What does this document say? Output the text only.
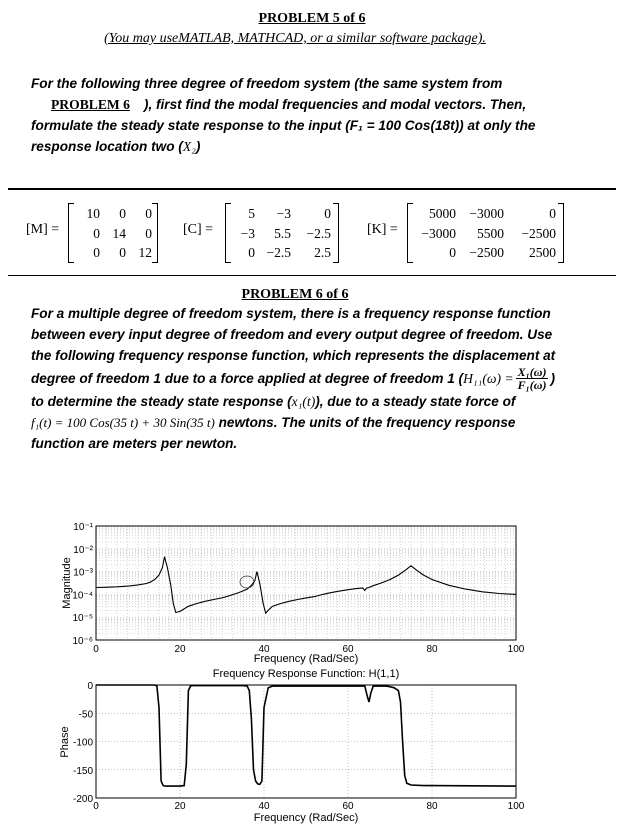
PROBLEM 5 of 6
(You may useMATLAB, MATHCAD, or a similar software package).
For the following three degree of freedom system (the same system from
PROBLEM 6 ), first find the modal frequencies and modal vectors. Then,
formulate the steady state response to the input (F₁ = 100 Cos(18t)) at only the
response location two (X₂)
[M] =
10	0	0
0 14	0
0	0 12
[C] =
5	−3	0
−3	5.5	−2.5
0 −2.5	2.5
[K] =
5000 −3000	0
−3000	5500	−2500
0 −2500	2500
PROBLEM 6 of 6
For a multiple degree of freedom system, there is a frequency response function
between every input degree of freedom and every output degree of freedom. Use
the following frequency response function, which represents the displacement at
degree of freedom 1 due to a force applied at degree of freedom 1 ( $H_{11}(\omega) = \frac{\text{X₁(ω)}}{\text{F₁(ω)}}$ )
to determine the steady state response (x₁(t)), due to a steady state force of
f₁(t) = 100 Cos(35 t) + 30 Sin(35 t) newtons. The units of the frequency response
function are meters per newton.
10⁻⁶
10⁻⁵
10⁻⁴
10⁻³
10⁻²
10⁻¹
0	20	40	60	80	100
0
-50
-100
-150
-200
0	20	40	60	80	100
Frequency (Rad/Sec)
Frequency Response Function: H(1,1)
Magnitude
Frequency (Rad/Sec)
Phase
